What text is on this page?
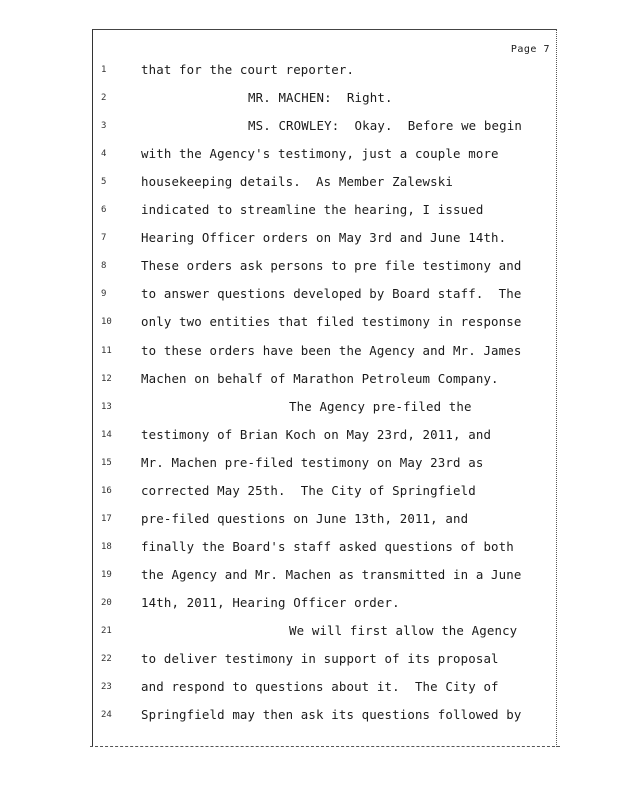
Page 7
1	that for the court reporter.
2	MR. MACHEN:  Right.
3	MS. CROWLEY:  Okay.  Before we begin
4	with the Agency's testimony, just a couple more
5	housekeeping details.  As Member Zalewski
6	indicated to streamline the hearing, I issued
7	Hearing Officer orders on May 3rd and June 14th.
8	These orders ask persons to pre file testimony and
9	to answer questions developed by Board staff.  The
10	only two entities that filed testimony in response
11	to these orders have been the Agency and Mr. James
12	Machen on behalf of Marathon Petroleum Company.
13	The Agency pre-filed the
14	testimony of Brian Koch on May 23rd, 2011, and
15	Mr. Machen pre-filed testimony on May 23rd as
16	corrected May 25th.  The City of Springfield
17	pre-filed questions on June 13th, 2011, and
18	finally the Board's staff asked questions of both
19	the Agency and Mr. Machen as transmitted in a June
20	14th, 2011, Hearing Officer order.
21	We will first allow the Agency
22	to deliver testimony in support of its proposal
23	and respond to questions about it.  The City of
24	Springfield may then ask its questions followed by
